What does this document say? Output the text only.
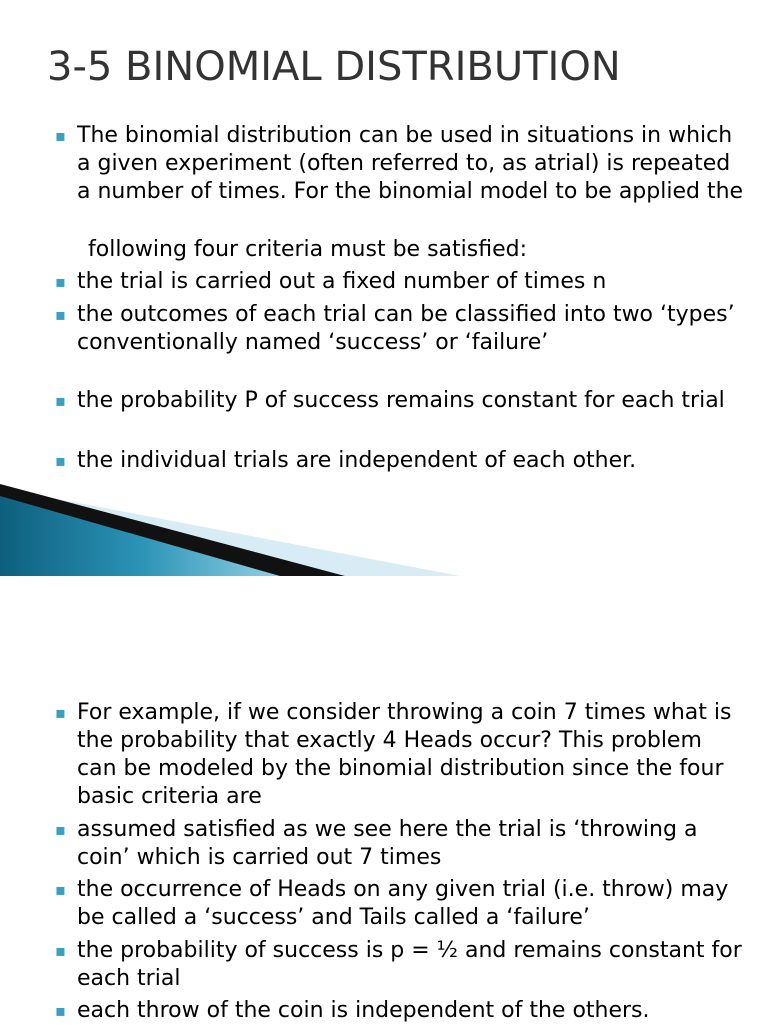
3-5 BINOMIAL DISTRIBUTION
▪ The binomial distribution can be used in situations in which a given experiment (often referred to, as atrial) is repeated a number of times. For the binomial model to be applied the
following four criteria must be satisfied:
▪ the trial is carried out a fixed number of times n
▪ the outcomes of each trial can be classified into two ‘types’ conventionally named ‘success’ or ‘failure’
▪ the probability P of success remains constant for each trial
▪ the individual trials are independent of each other.
▪ For example, if we consider throwing a coin 7 times what is the probability that exactly 4 Heads occur? This problem can be modeled by the binomial distribution since the four basic criteria are
▪ assumed satisfied as we see here the trial is ‘throwing a coin’ which is carried out 7 times
▪ the occurrence of Heads on any given trial (i.e. throw) may be called a ‘success’ and Tails called a ‘failure’
▪ the probability of success is p = ½ and remains constant for each trial
▪ each throw of the coin is independent of the others.
